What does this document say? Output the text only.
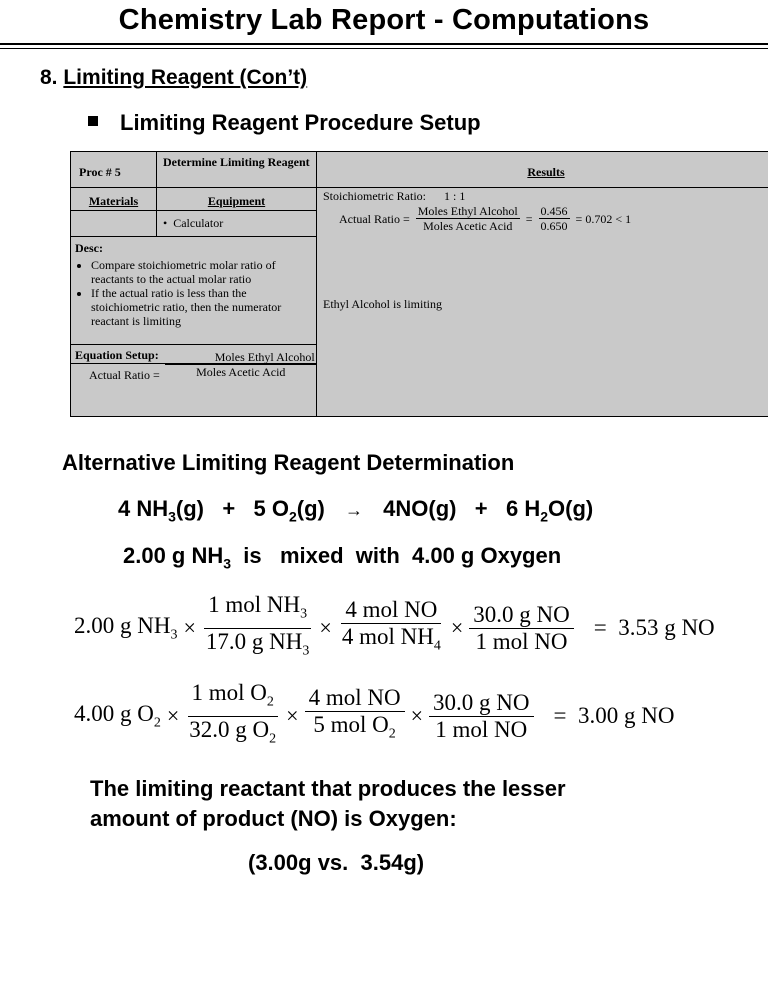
Chemistry Lab Report - Computations
8. Limiting Reagent (Con’t)
Limiting Reagent Procedure Setup
Proc # 5
Determine Limiting Reagent
Results
Materials	Equipment
•  Calculator
Desc:
• Compare stoichiometric molar ratio of reactants to the actual molar ratio
• If the actual ratio is less than the stoichiometric ratio, then the numerator reactant is limiting
Equation Setup:
Actual Ratio = $\frac{\text{Moles Ethyl Alcohol}}{\text{Moles Acetic Acid}}$
Stoichiometric Ratio: 1 : 1
Actual Ratio = $\frac{\text{Moles Ethyl Alcohol}}{\text{Moles Acetic Acid}} = \frac{0.456}{0.650} = 0.702 < 1$
Ethyl Alcohol is limiting
Alternative Limiting Reagent Determination
4 $NH_3(g) + 5$ $O_2(g) \to 4NO(g) + 6$ $H_2O(g)$
2.00 g $NH_3$  is   mixed  with  4.00 g Oxygen
2.00 g $NH_3 \times \frac{1 mol NH_3}{17.0 g NH_3} \times \frac{\text{4 mol NO}}{4 mol NH_4} \times \frac{\text{30.0 g NO}}{\text{1 mol NO}} = 3.53$ g NO
4.00 g $O_2 \times \frac{1 mol O_2}{32.0 g O_2} \times \frac{\text{4 mol NO}}{5 mol O_2} \times \frac{\text{30.0 g NO}}{\text{1 mol NO}} = 3.00$ g NO
The limiting reactant that produces the lesser
amount of product (NO) is Oxygen:
(3.00g vs.  3.54g)
